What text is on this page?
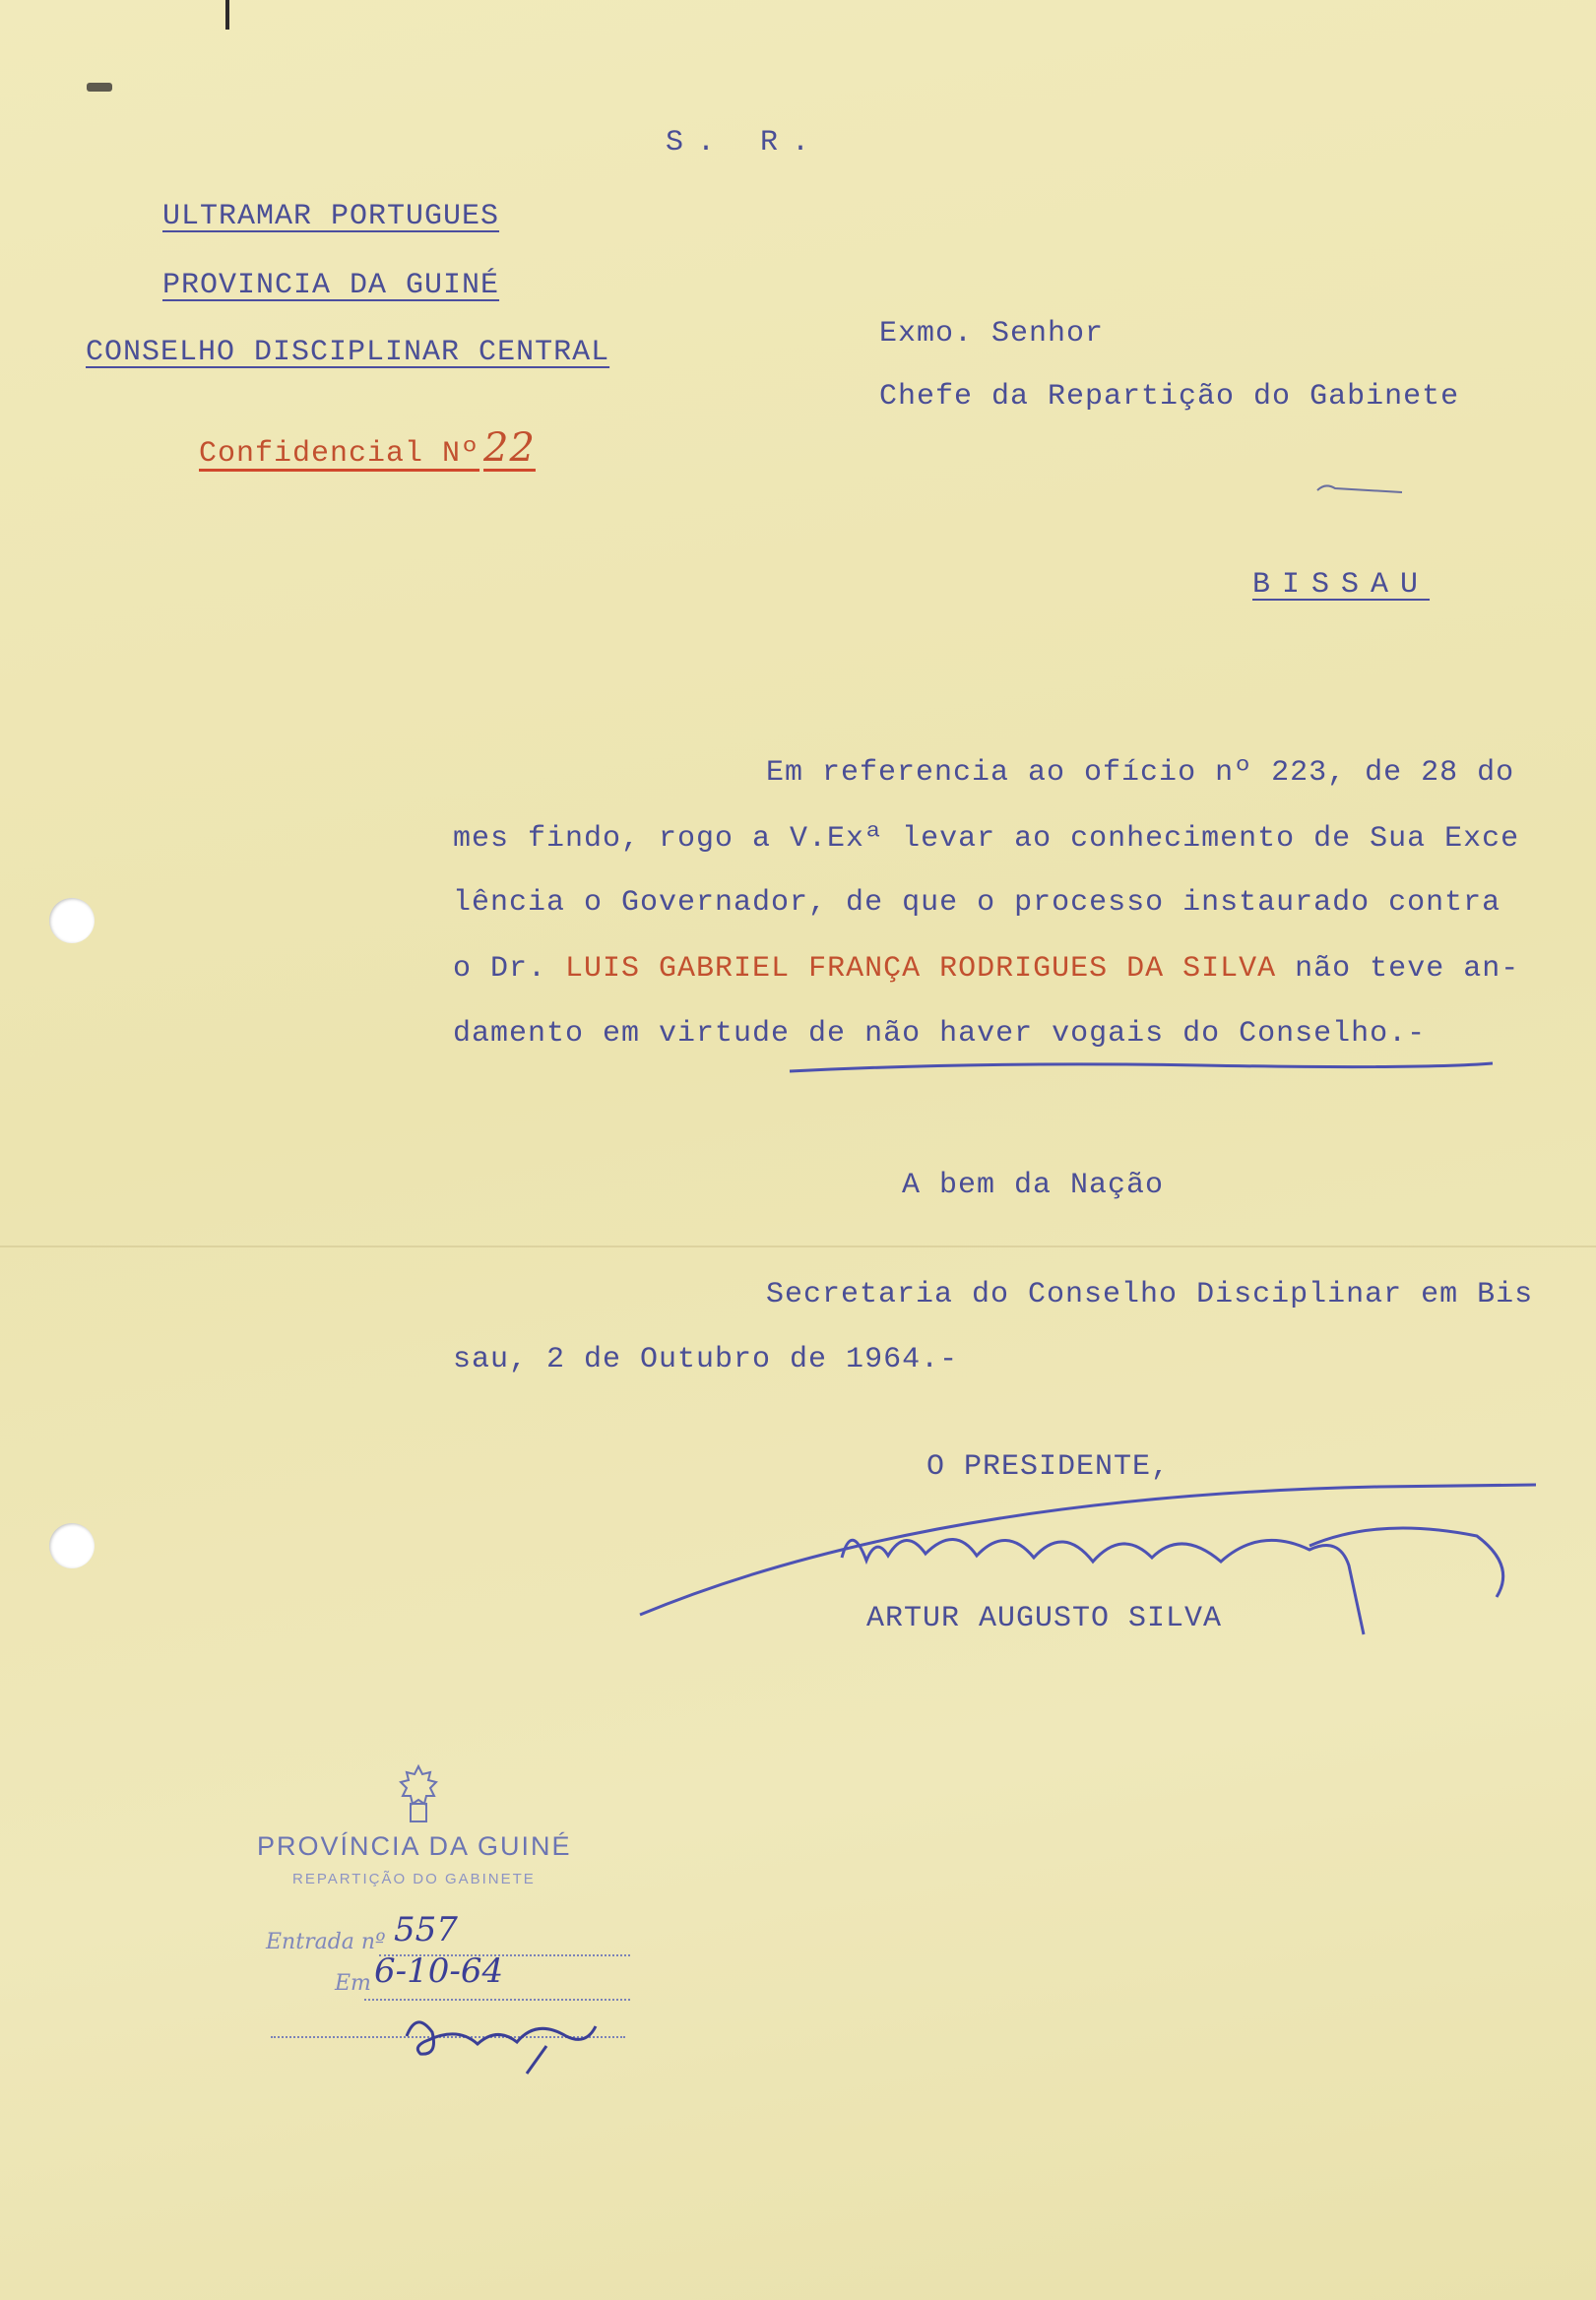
S. R.
ULTRAMAR PORTUGUES
PROVINCIA DA GUINÉ
CONSELHO DISCIPLINAR CENTRAL
Confidencial Nº 22
Exmo. Senhor
Chefe da Repartição do Gabinete
BISSAU
Em referencia ao ofício nº 223, de 28 do
mes findo, rogo a V.Exª levar ao conhecimento de Sua Exce
lência o Governador, de que o processo instaurado contra
o Dr. LUIS GABRIEL FRANÇA RODRIGUES DA SILVA não teve an-
damento em virtude de não haver vogais do Conselho.-
A bem da Nação
Secretaria do Conselho Disciplinar em Bis
sau, 2 de Outubro de 1964.-
O PRESIDENTE,
ARTUR AUGUSTO SILVA
PROVÍNCIA DA GUINÉ
REPARTIÇÃO DO GABINETE
Entrada nº 557
Em 6-10-64
